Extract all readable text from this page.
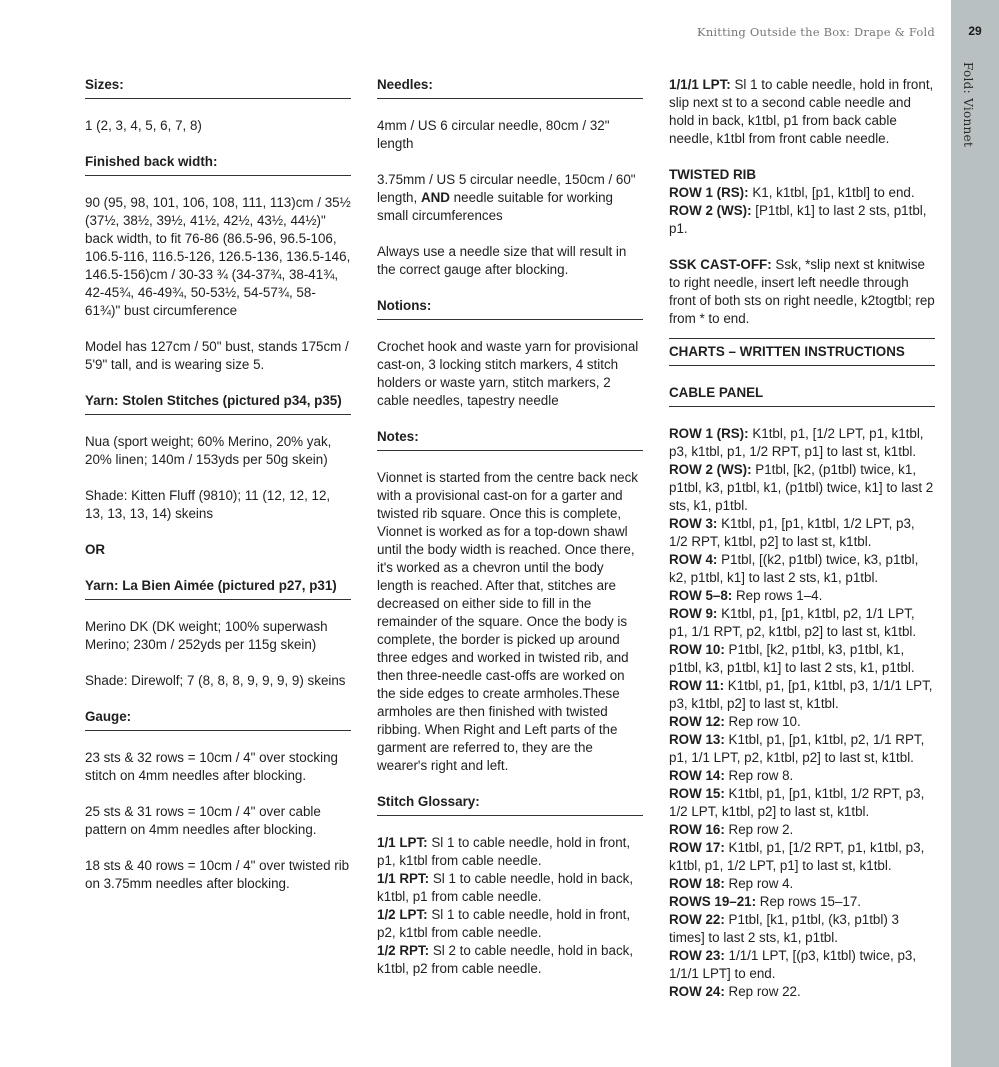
Knitting Outside the Box: Drape & Fold	29
Fold: Vionnet
Sizes:
1 (2, 3, 4, 5, 6, 7, 8)
Finished back width:
90 (95, 98, 101, 106, 108, 111, 113)cm / 35½ (37½, 38½, 39½, 41½, 42½, 43½, 44½)" back width, to fit 76-86 (86.5-96, 96.5-106, 106.5-116, 116.5-126, 126.5-136, 136.5-146, 146.5-156)cm / 30-33 ¾ (34-37¾, 38-41¾, 42-45¾, 46-49¾, 50-53½, 54-57¾, 58-61¾)" bust circumference
Model has 127cm / 50" bust, stands 175cm / 5'9" tall, and is wearing size 5.
Yarn: Stolen Stitches (pictured p34, p35)
Nua (sport weight; 60% Merino, 20% yak, 20% linen; 140m / 153yds per 50g skein)
Shade: Kitten Fluff (9810); 11 (12, 12, 12, 13, 13, 13, 14) skeins
OR
Yarn: La Bien Aimée (pictured p27, p31)
Merino DK (DK weight; 100% superwash Merino; 230m / 252yds per 115g skein)
Shade: Direwolf; 7 (8, 8, 8, 9, 9, 9, 9) skeins
Gauge:
23 sts & 32 rows = 10cm / 4" over stocking stitch on 4mm needles after blocking.
25 sts & 31 rows = 10cm / 4" over cable pattern on 4mm needles after blocking.
18 sts & 40 rows = 10cm / 4" over twisted rib on 3.75mm needles after blocking.
Needles:
4mm / US 6 circular needle, 80cm / 32" length
3.75mm / US 5 circular needle, 150cm / 60" length, AND needle suitable for working small circumferences
Always use a needle size that will result in the correct gauge after blocking.
Notions:
Crochet hook and waste yarn for provisional cast-on, 3 locking stitch markers, 4 stitch holders or waste yarn, stitch markers, 2 cable needles, tapestry needle
Notes:
Vionnet is started from the centre back neck with a provisional cast-on for a garter and twisted rib square. Once this is complete, Vionnet is worked as for a top-down shawl until the body width is reached. Once there, it's worked as a chevron until the body length is reached. After that, stitches are decreased on either side to fill in the remainder of the square. Once the body is complete, the border is picked up around three edges and worked in twisted rib, and then three-needle cast-offs are worked on the side edges to create armholes.These armholes are then finished with twisted ribbing. When Right and Left parts of the garment are referred to, they are the wearer's right and left.
Stitch Glossary:
1/1 LPT: Sl 1 to cable needle, hold in front, p1, k1tbl from cable needle.
1/1 RPT: Sl 1 to cable needle, hold in back, k1tbl, p1 from cable needle.
1/2 LPT: Sl 1 to cable needle, hold in front, p2, k1tbl from cable needle.
1/2 RPT: Sl 2 to cable needle, hold in back, k1tbl, p2 from cable needle.
1/1/1 LPT: Sl 1 to cable needle, hold in front, slip next st to a second cable needle and hold in back, k1tbl, p1 from back cable needle, k1tbl from front cable needle.
TWISTED RIB
ROW 1 (RS): K1, k1tbl, [p1, k1tbl] to end.
ROW 2 (WS): [P1tbl, k1] to last 2 sts, p1tbl, p1.
SSK CAST-OFF: Ssk, *slip next st knitwise to right needle, insert left needle through front of both sts on right needle, k2togtbl; rep from * to end.
CHARTS – WRITTEN INSTRUCTIONS
CABLE PANEL
ROW 1 (RS): K1tbl, p1, [1/2 LPT, p1, k1tbl, p3, k1tbl, p1, 1/2 RPT, p1] to last st, k1tbl.
ROW 2 (WS): P1tbl, [k2, (p1tbl) twice, k1, p1tbl, k3, p1tbl, k1, (p1tbl) twice, k1] to last 2 sts, k1, p1tbl.
ROW 3: K1tbl, p1, [p1, k1tbl, 1/2 LPT, p3, 1/2 RPT, k1tbl, p2] to last st, k1tbl.
ROW 4: P1tbl, [(k2, p1tbl) twice, k3, p1tbl, k2, p1tbl, k1] to last 2 sts, k1, p1tbl.
ROW 5–8: Rep rows 1–4.
ROW 9: K1tbl, p1, [p1, k1tbl, p2, 1/1 LPT, p1, 1/1 RPT, p2, k1tbl, p2] to last st, k1tbl.
ROW 10: P1tbl, [k2, p1tbl, k3, p1tbl, k1, p1tbl, k3, p1tbl, k1] to last 2 sts, k1, p1tbl.
ROW 11: K1tbl, p1, [p1, k1tbl, p3, 1/1/1 LPT, p3, k1tbl, p2] to last st, k1tbl.
ROW 12: Rep row 10.
ROW 13: K1tbl, p1, [p1, k1tbl, p2, 1/1 RPT, p1, 1/1 LPT, p2, k1tbl, p2] to last st, k1tbl.
ROW 14: Rep row 8.
ROW 15: K1tbl, p1, [p1, k1tbl, 1/2 RPT, p3, 1/2 LPT, k1tbl, p2] to last st, k1tbl.
ROW 16: Rep row 2.
ROW 17: K1tbl, p1, [1/2 RPT, p1, k1tbl, p3, k1tbl, p1, 1/2 LPT, p1] to last st, k1tbl.
ROW 18: Rep row 4.
ROWS 19–21: Rep rows 15–17.
ROW 22: P1tbl, [k1, p1tbl, (k3, p1tbl) 3 times] to last 2 sts, k1, p1tbl.
ROW 23: 1/1/1 LPT, [(p3, k1tbl) twice, p3, 1/1/1 LPT] to end.
ROW 24: Rep row 22.
